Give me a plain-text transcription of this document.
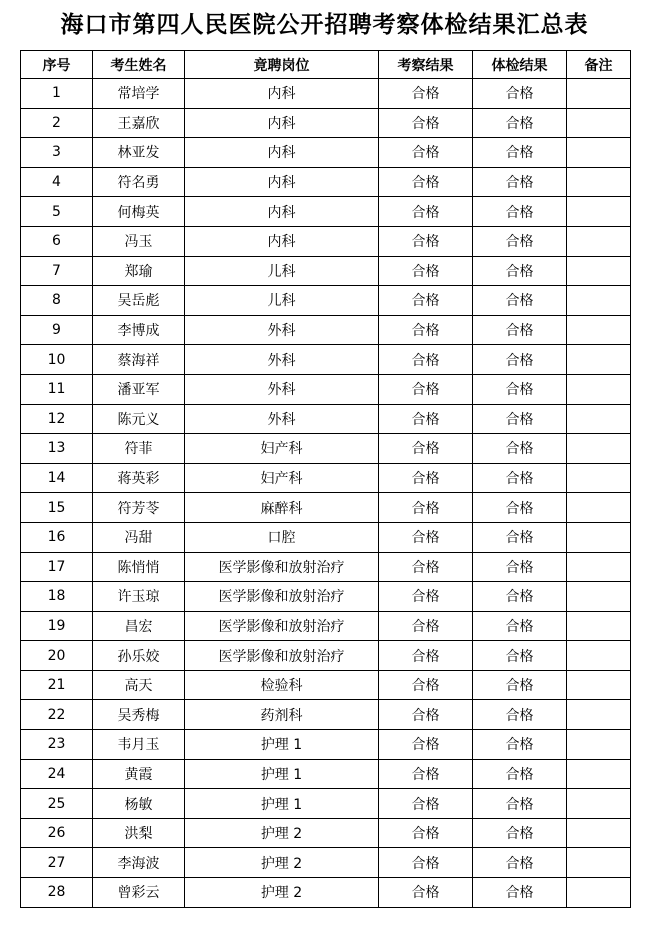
海口市第四人民医院公开招聘考察体检结果汇总表
序号	考生姓名	竟聘岗位	考察结果	体检结果	备注
1	常培学	内科	合格	合格	
2	王嘉欣	内科	合格	合格	
3	林亚发	内科	合格	合格	
4	符名勇	内科	合格	合格	
5	何梅英	内科	合格	合格	
6	冯玉	内科	合格	合格	
7	郑瑜	儿科	合格	合格	
8	吴岳彪	儿科	合格	合格	
9	李博成	外科	合格	合格	
10	蔡海祥	外科	合格	合格	
11	潘亚军	外科	合格	合格	
12	陈元义	外科	合格	合格	
13	符菲	妇产科	合格	合格	
14	蒋英彩	妇产科	合格	合格	
15	符芳苓	麻醉科	合格	合格	
16	冯甜	口腔	合格	合格	
17	陈悄悄	医学影像和放射治疗	合格	合格	
18	许玉琼	医学影像和放射治疗	合格	合格	
19	昌宏	医学影像和放射治疗	合格	合格	
20	孙乐姣	医学影像和放射治疗	合格	合格	
21	高天	检验科	合格	合格	
22	吴秀梅	药剂科	合格	合格	
23	韦月玉	护理 1	合格	合格	
24	黄霞	护理 1	合格	合格	
25	杨敏	护理 1	合格	合格	
26	洪梨	护理 2	合格	合格	
27	李海波	护理 2	合格	合格	
28	曾彩云	护理 2	合格	合格	
